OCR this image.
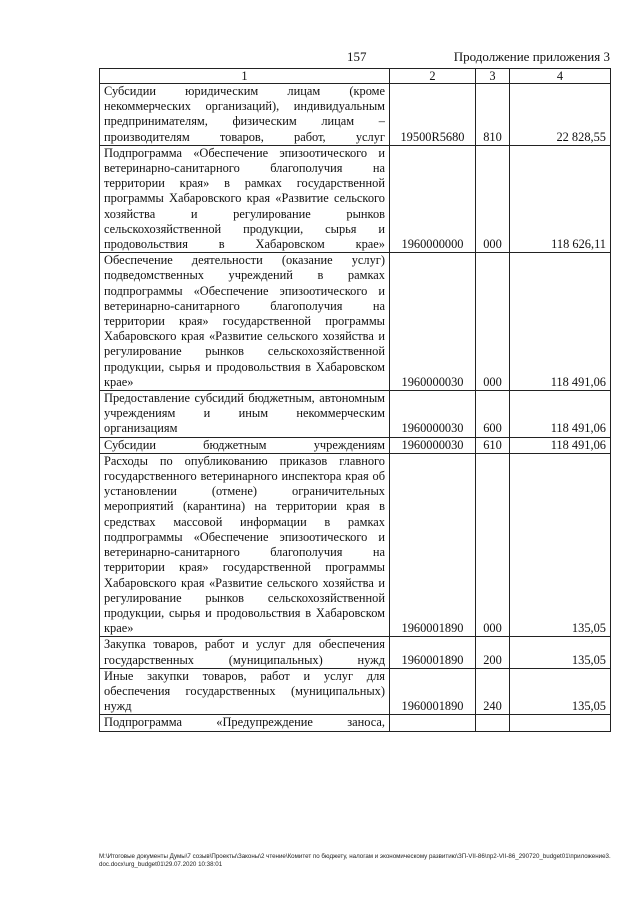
157	Продолжение приложения 3
1	2	3	4
Субсидии юридическим лицам (кроме некоммерческих организаций), индивидуальным предпринимателям, физическим лицам – производителям товаров, работ, услуг	19500R5680	810	22 828,55
Подпрограмма «Обеспечение эпизоотического и ветеринарно-санитарного благополучия на территории края» в рамках государственной программы Хабаровского края «Развитие сельского хозяйства и регулирование рынков сельскохозяйственной продукции, сырья и продовольствия в Хабаровском крае»	1960000000	000	118 626,11
Обеспечение деятельности (оказание услуг) подведомственных учреждений в рамках подпрограммы «Обеспечение эпизоотического и ветеринарно-санитарного благополучия на территории края» государственной программы Хабаровского края «Развитие сельского хозяйства и регулирование рынков сельскохозяйственной продукции, сырья и продовольствия в Хабаровском крае»	1960000030	000	118 491,06
Предоставление субсидий бюджетным, автономным учреждениям и иным некоммерческим организациям	1960000030	600	118 491,06
Субсидии бюджетным учреждениям	1960000030	610	118 491,06
Расходы по опубликованию приказов главного государственного ветеринарного инспектора края об установлении (отмене) ограничительных мероприятий (карантина) на территории края в средствах массовой информации в рамках подпрограммы «Обеспечение эпизоотического и ветеринарно-санитарного благополучия на территории края» государственной программы Хабаровского края «Развитие сельского хозяйства и регулирование рынков сельскохозяйственной продукции, сырья и продовольствия в Хабаровском крае»	1960001890	000	135,05
Закупка товаров, работ и услуг для обеспечения государственных (муниципальных) нужд	1960001890	200	135,05
Иные закупки товаров, работ и услуг для обеспечения государственных (муниципальных) нужд	1960001890	240	135,05
Подпрограмма «Предупреждение заноса,			
M:\Итоговые документы Думы\7 созыв\Проекты\Законы\2 чтение\Комитет по бюджету, налогам и экономическому развитию\ЗП-VII-86\пр2-VII-86_290720_budget01\приложение3.doc.docx\urg_budget01\29.07.2020 10:38:01
